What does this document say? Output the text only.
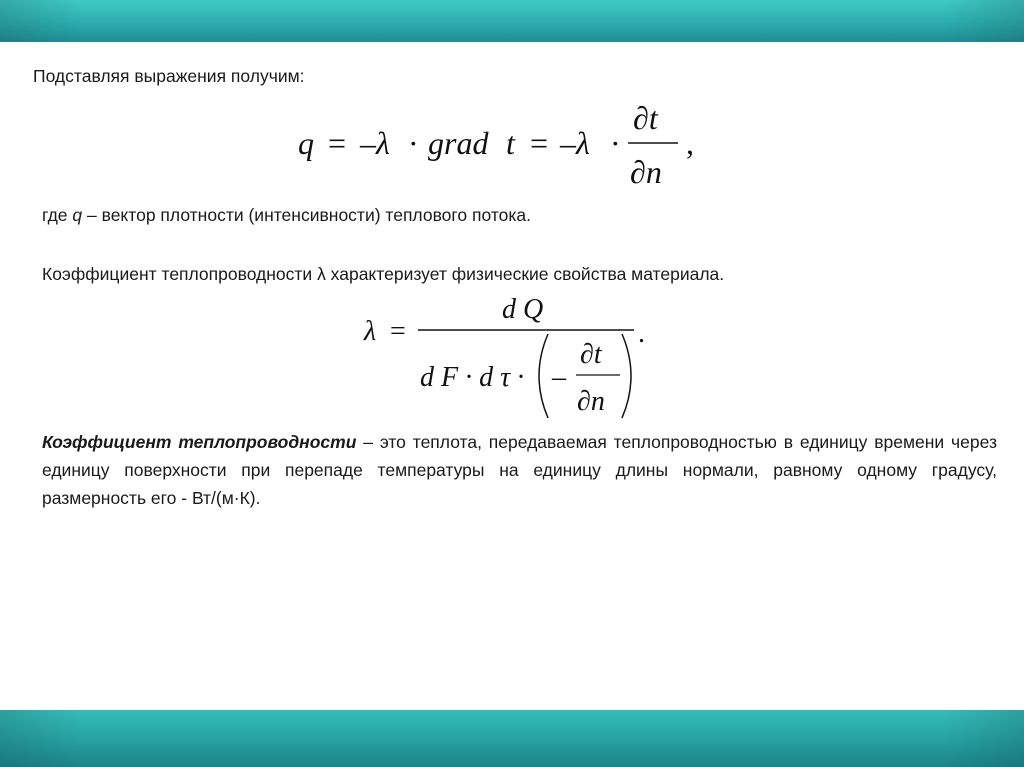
Подставляя выражения получим:
q = –λ · grad t = –λ ·
∂t
∂n
,
где q – вектор плотности (интенсивности) теплового потока.
Коэффициент теплопроводности λ характеризует физические свойства материала.
λ =
d Q
d F · d τ · –
∂t
∂n
.
Коэффициент теплопроводности – это теплота, передаваемая теплопроводностью в единицу времени через единицу поверхности при перепаде температуры на единицу длины нормали, равному одному градусу, размерность его - Вт/(м·К).
